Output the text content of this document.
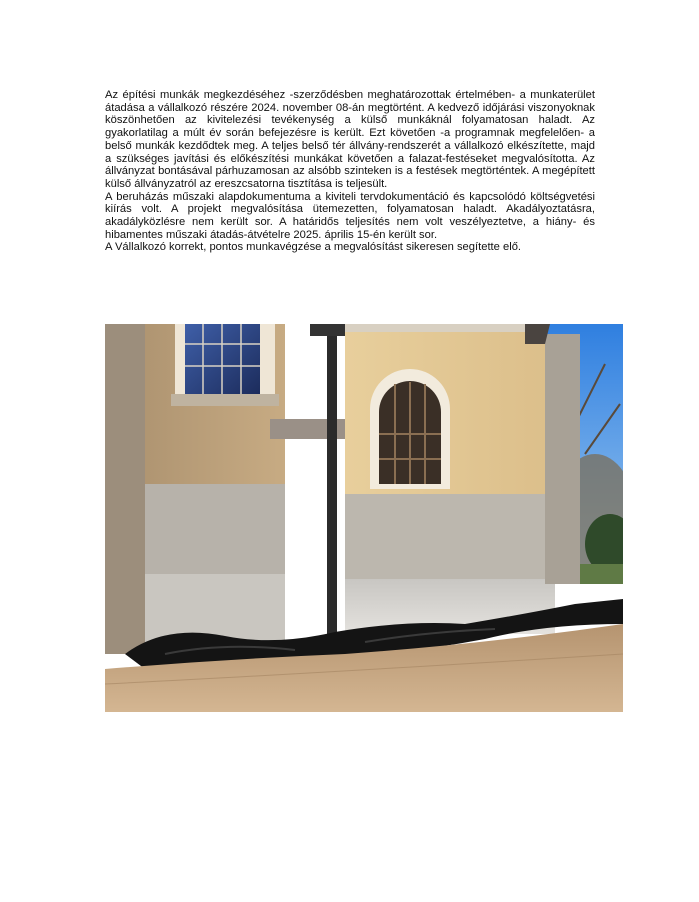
Az építési munkák megkezdéséhez -szerződésben meghatározottak értelmében- a munkaterület átadása a vállalkozó részére 2024. november 08-án megtörtént. A kedvező időjárási viszonyoknak köszönhetően az kivitelezési tevékenység a külső munkáknál folyamatosan haladt. Az gyakorlatilag a múlt év során befejezésre is került. Ezt követően -a programnak megfelelően- a belső munkák kezdődtek meg. A teljes belső tér állvány-rendszerét a vállalkozó elkészítette, majd a szükséges javítási és előkészítési munkákat követően a falazat-festéseket megvalósította. Az állványzat bontásával párhuzamosan az alsóbb szinteken is a festések megtörténtek. A megépített külső állványzatról az ereszcsatorna tisztítása is teljesült.

A beruházás műszaki alapdokumentuma a kiviteli tervdokumentáció és kapcsolódó költségvetési kiírás volt. A projekt megvalósítása ütemezetten, folyamatosan haladt. Akadályoztatásra, akadályközlésre nem került sor. A határidős teljesítés nem volt veszélyeztetve, a hiány- és hibamentes műszaki átadás-átvételre 2025. április 15-én került sor.

A Vállalkozó korrekt, pontos munkavégzése a megvalósítást sikeresen segítette elő.
